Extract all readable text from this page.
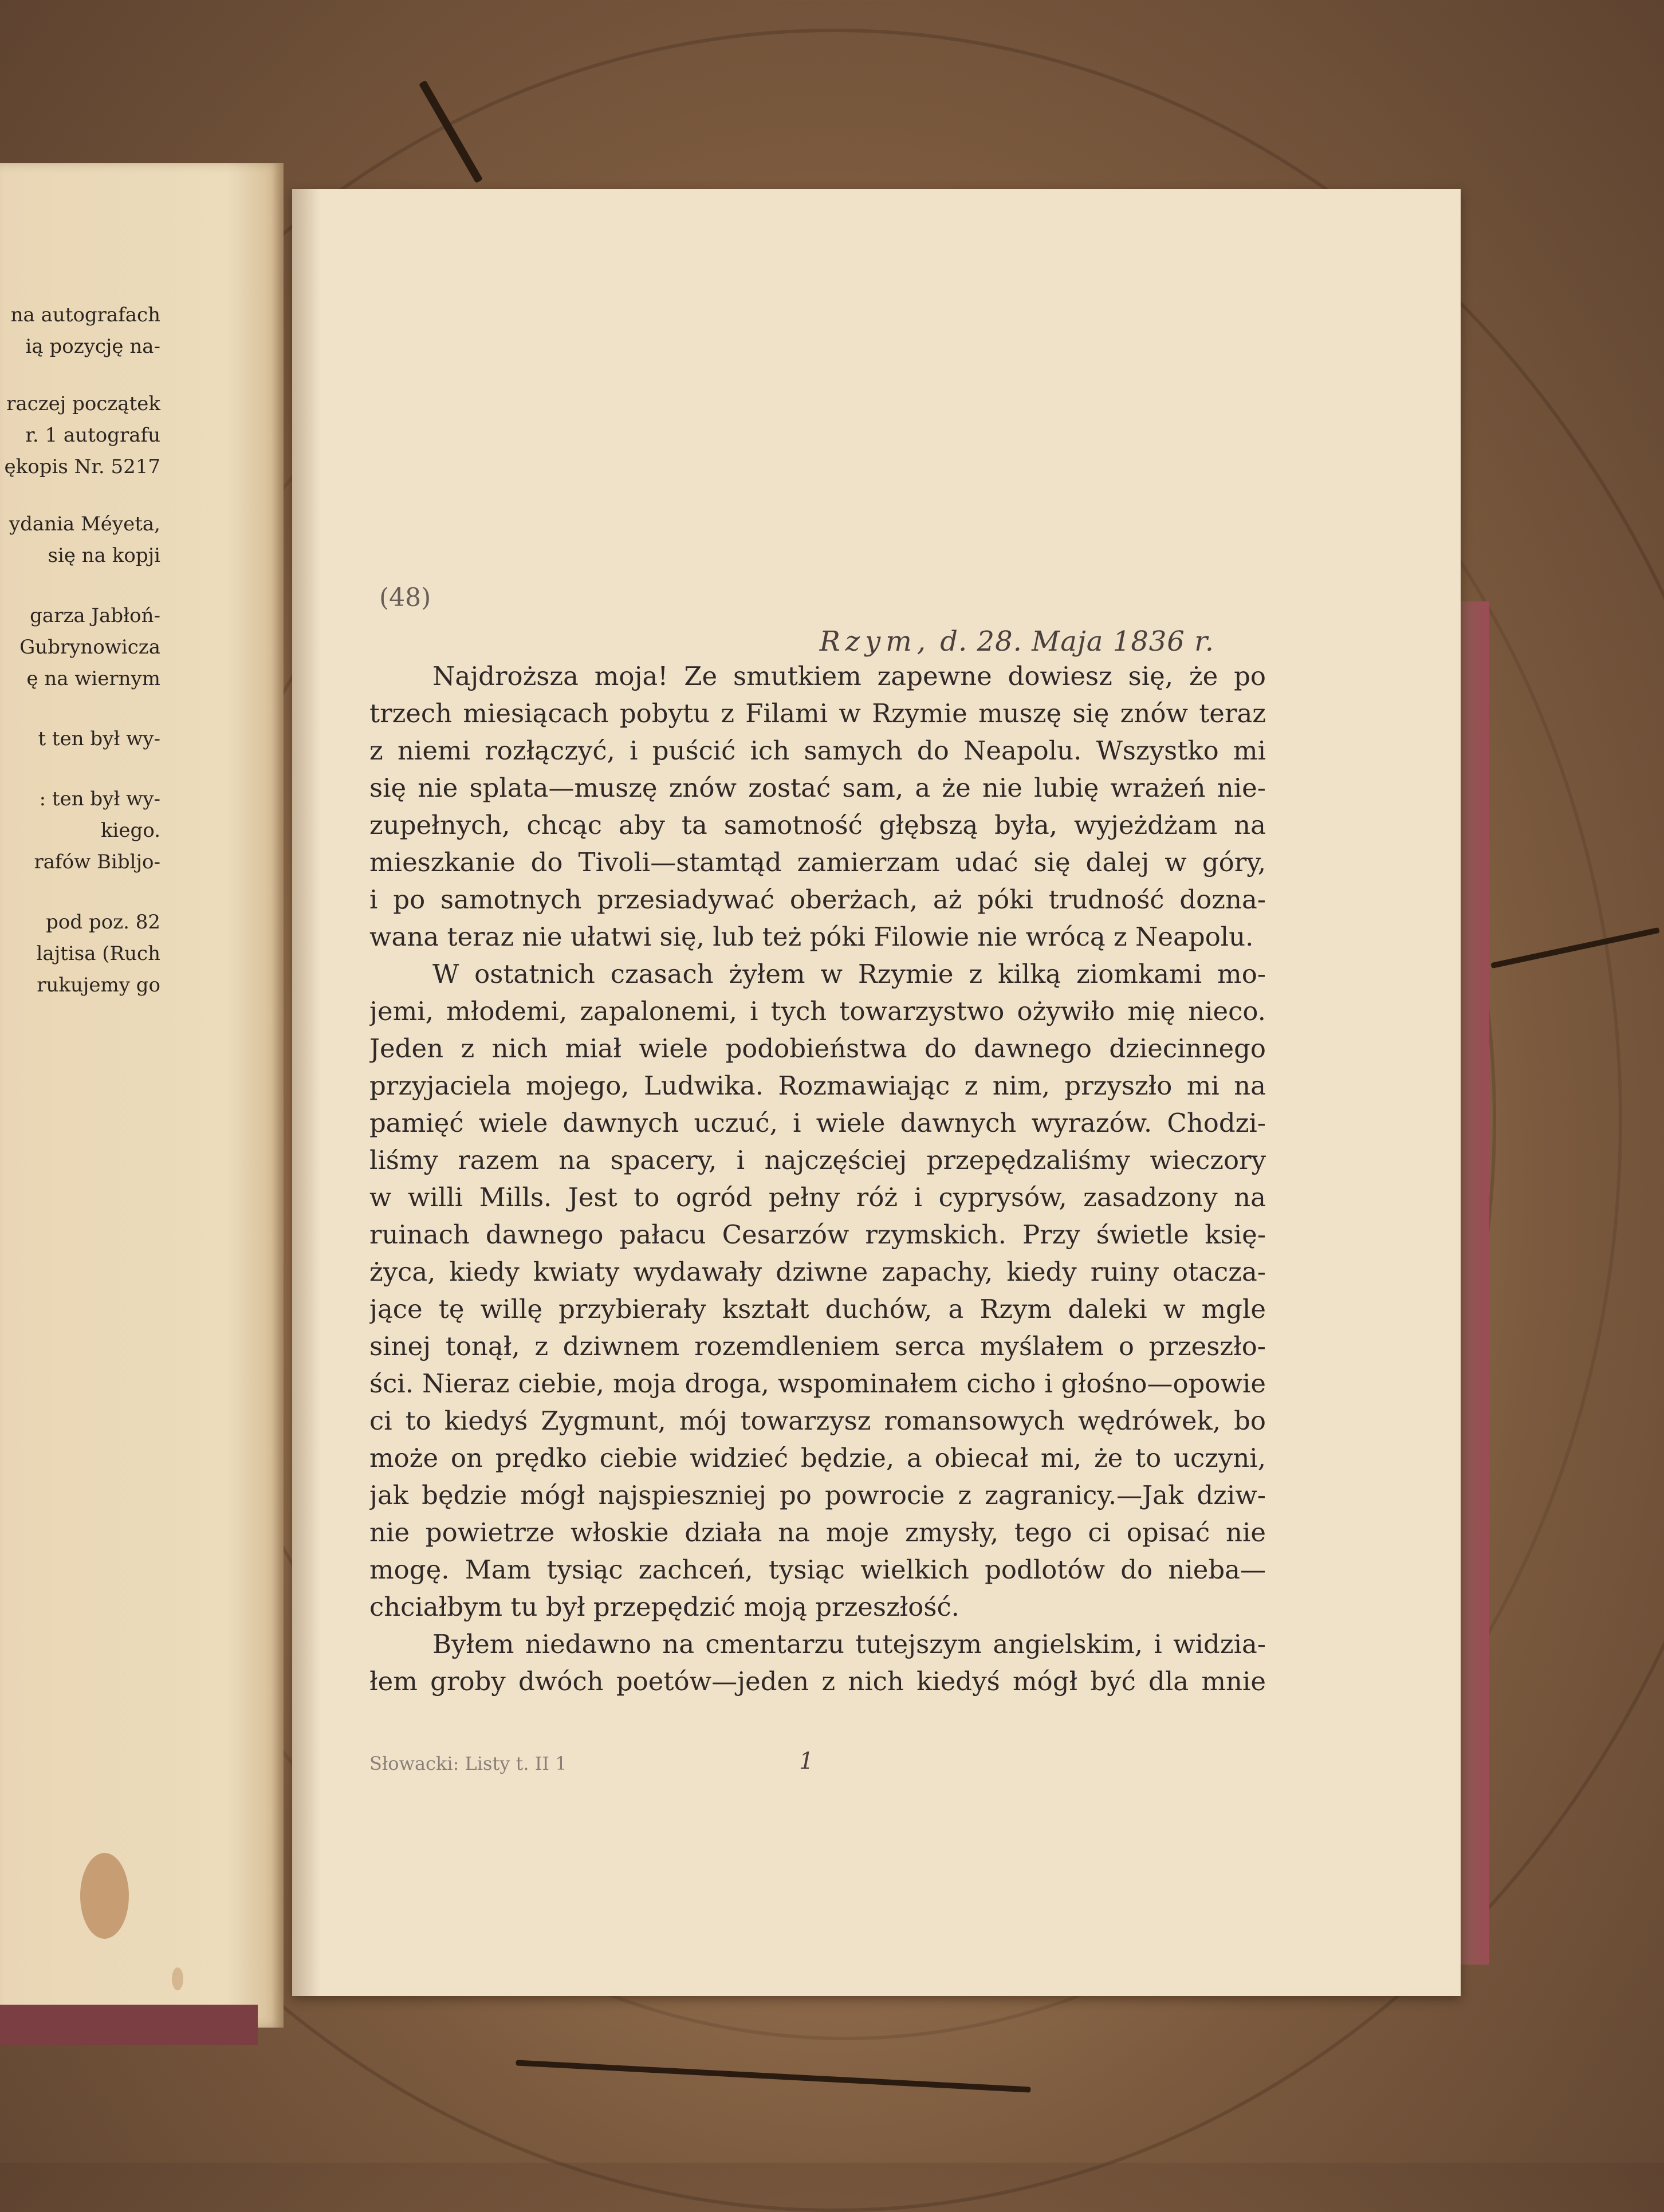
na autografach
ią pozycję na-
raczej początek
r. 1 autografu
ękopis Nr. 5217
ydania Méyeta,
się na kopji
garza Jabłoń-
Gubrynowicza
ę na wiernym
t ten był wy-
: ten był wy-
kiego.
rafów Bibljo-
pod poz. 82
lajtisa (Ruch
rukujemy go
(48)
Rzym, d. 28. Maja 1836 r.
Najdroższa moja! Ze smutkiem zapewne dowiesz się, że po
trzech miesiącach pobytu z Filami w Rzymie muszę się znów teraz
z niemi rozłączyć, i puścić ich samych do Neapolu. Wszystko mi
się nie splata—muszę znów zostać sam, a że nie lubię wrażeń nie-
zupełnych, chcąc aby ta samotność głębszą była, wyjeżdżam na
mieszkanie do Tivoli—stamtąd zamierzam udać się dalej w góry,
i po samotnych przesiadywać oberżach, aż póki trudność dozna-
wana teraz nie ułatwi się, lub też póki Filowie nie wrócą z Neapolu.
W ostatnich czasach żyłem w Rzymie z kilką ziomkami mo-
jemi, młodemi, zapalonemi, i tych towarzystwo ożywiło mię nieco.
Jeden z nich miał wiele podobieństwa do dawnego dziecinnego
przyjaciela mojego, Ludwika. Rozmawiając z nim, przyszło mi na
pamięć wiele dawnych uczuć, i wiele dawnych wyrazów. Chodzi-
liśmy razem na spacery, i najczęściej przepędzaliśmy wieczory
w willi Mills. Jest to ogród pełny róż i cyprysów, zasadzony na
ruinach dawnego pałacu Cesarzów rzymskich. Przy świetle księ-
życa, kiedy kwiaty wydawały dziwne zapachy, kiedy ruiny otacza-
jące tę willę przybierały kształt duchów, a Rzym daleki w mgle
sinej tonął, z dziwnem rozemdleniem serca myślałem o przeszło-
ści. Nieraz ciebie, moja droga, wspominałem cicho i głośno—opowie
ci to kiedyś Zygmunt, mój towarzysz romansowych wędrówek, bo
może on prędko ciebie widzieć będzie, a obiecał mi, że to uczyni,
jak będzie mógł najspieszniej po powrocie z zagranicy.—Jak dziw-
nie powietrze włoskie działa na moje zmysły, tego ci opisać nie
mogę. Mam tysiąc zachceń, tysiąc wielkich podlotów do nieba—
chciałbym tu był przepędzić moją przeszłość.
Byłem niedawno na cmentarzu tutejszym angielskim, i widzia-
łem groby dwóch poetów—jeden z nich kiedyś mógł być dla mnie
Słowacki: Listy t. II 1	1
